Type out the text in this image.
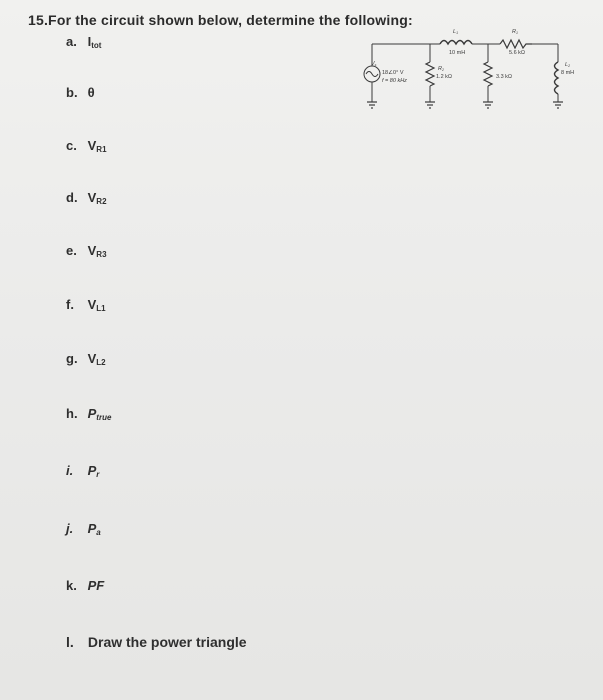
15.For the circuit shown below, determine the following:
a. $I_{tot}$
b. θ
c. $V_{R1}$
d. $V_{R2}$
e. $V_{R3}$
f. $V_{L1}$
g. $V_{L2}$
h. $P_{true}$
i. $P_r$
j. $P_a$
k. PF
l. Draw the power triangle
L1
10 mH
R1
5.6 kΩ
Vs
18∠0° V
f = 80 kHz
R2
1.2 kΩ	3.3 kΩ
L2
8 mH
